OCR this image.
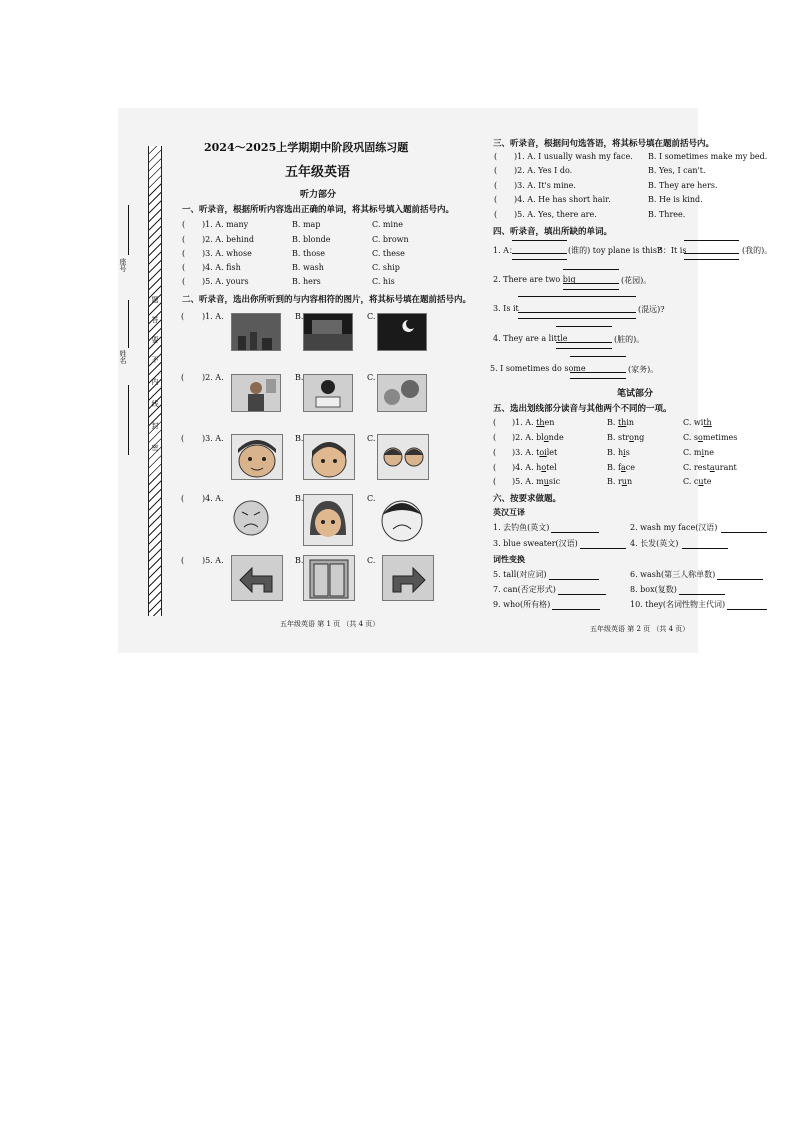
座号
姓名
题
答
要
不
内
线
封
密
2024～2025上学期期中阶段巩固练习题
五年级英语
听力部分
一、听录音，根据所听内容选出正确的单词，将其标号填入题前括号内。
( )1. A. many	B. map	C. mine
( )2. A. behind	B. blonde	C. brown
( )3. A. whose	B. those	C. these
( )4. A. fish	B. wash	C. ship
( )5. A. yours	B. hers	C. his
二、听录音，选出你所听到的与内容相符的图片，将其标号填在题前括号内。
( )1. A.	B.	C.
( )2. A.	B.	C.
( )3. A.	B.	C.
( )4. A.	B.	C.
( )5. A.	B.	C.
五年级英语 第 1 页 （共 4 页）
三、听录音，根据问句选答语，将其标号填在题前括号内。
( )1. A. I usually wash my face. B. I sometimes make my bed.
( )2. A. Yes I do.	B. Yes, I can't.
( )3. A. It's mine.	B. They are hers.
( )4. A. He has short hair.	B. He is kind.
( )5. A. Yes, there are.	B. Three.
四、听录音，填出所缺的单词。
1. A：	(谁的) toy plane is this?
B：It is	(我的)。
2. There are two big	(花园)。
3. Is it	(混远)?
4. They are a little	(脏的)。
5. I sometimes do some	(家务)。
笔试部分
五、选出划线部分读音与其他两个不同的一项。
( )1. A. then	B. thin	C. with
( )2. A. blonde	B. strong	C. sometimes
( )3. A. toilet	B. his	C. mine
( )4. A. hotel	B. face	C. restaurant
( )5. A. music	B. run	C. cute
六、按要求做题。
英汉互译
1. 去钓鱼(英文)	2. wash my face(汉语)
3. blue sweater(汉语)	4. 长发(英文)
词性变换
5. tall(对应词)	6. wash(第三人称单数)
7. can(否定形式)	8. box(复数)
9. who(所有格)	10. they(名词性物主代词)
五年级英语 第 2 页 （共 4 页）
